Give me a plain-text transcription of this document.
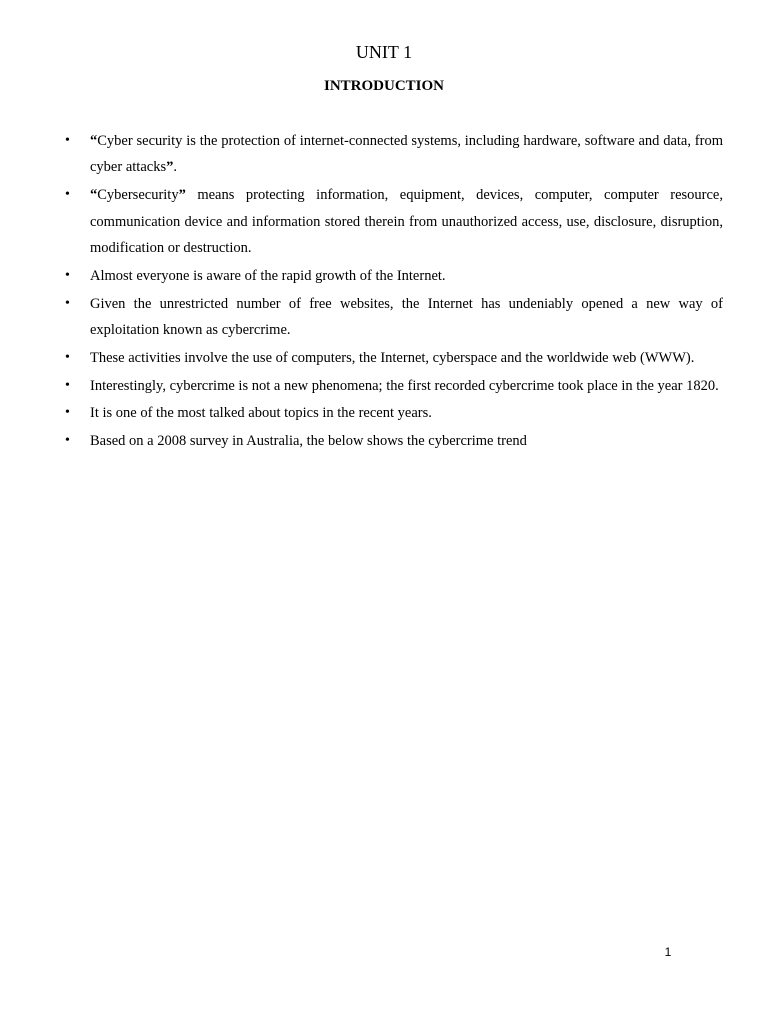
UNIT 1
INTRODUCTION
•	“Cyber security is the protection of internet-connected systems, including hardware, software and data, from cyber attacks”.
•	“Cybersecurity” means protecting information, equipment, devices, computer, computer resource, communication device and information stored therein from unauthorized access, use, disclosure, disruption, modification or destruction.
•	Almost everyone is aware of the rapid growth of the Internet.
•	Given the unrestricted number of free websites, the Internet has undeniably opened a new way of exploitation known as cybercrime.
•	These activities involve the use of computers, the Internet, cyberspace and the worldwide web (WWW).
•	Interestingly, cybercrime is not a new phenomena; the first recorded cybercrime took place in the year 1820.
•	It is one of the most talked about topics in the recent years.
•	Based on a 2008 survey in Australia, the below shows the cybercrime trend
1
